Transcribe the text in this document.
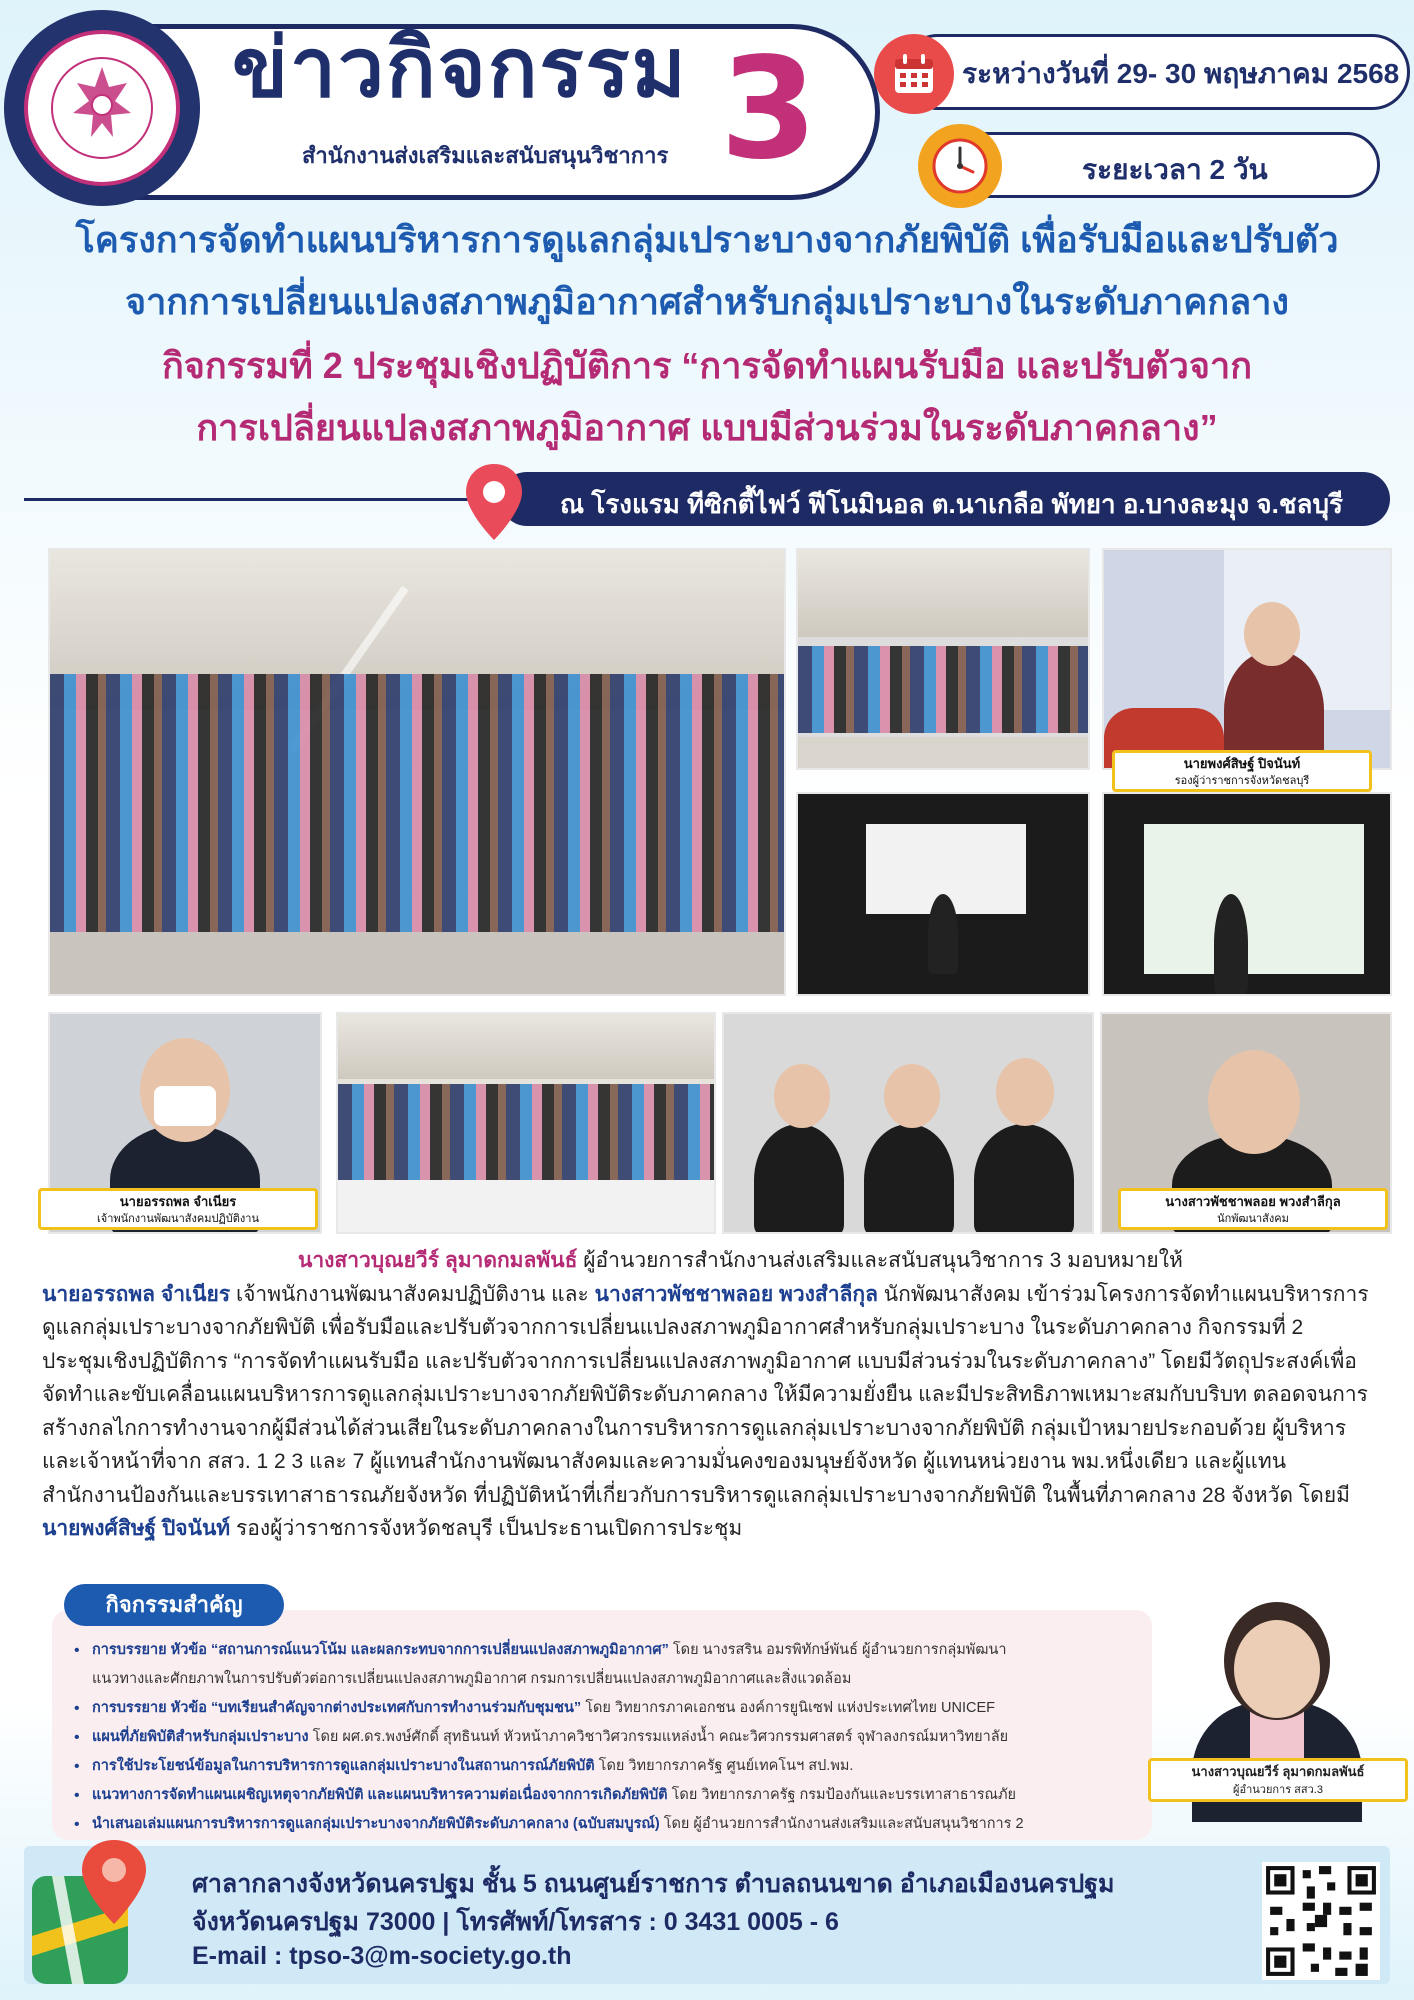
ข่าวกิจกรรม 3
สำนักงานส่งเสริมและสนับสนุนวิชาการ
ระหว่างวันที่ 29- 30 พฤษภาคม 2568
ระยะเวลา 2 วัน
โครงการจัดทำแผนบริหารการดูแลกลุ่มเปราะบางจากภัยพิบัติ เพื่อรับมือและปรับตัว
จากการเปลี่ยนแปลงสภาพภูมิอากาศสำหรับกลุ่มเปราะบางในระดับภาคกลาง
กิจกรรมที่ 2 ประชุมเชิงปฏิบัติการ “การจัดทำแผนรับมือ และปรับตัวจาก
การเปลี่ยนแปลงสภาพภูมิอากาศ แบบมีส่วนร่วมในระดับภาคกลาง”
ณ โรงแรม ทีซิกตี้ไฟว์ ฟีโนมินอล ต.นาเกลือ พัทยา อ.บางละมุง จ.ชลบุรี
นายพงศ์สิษฐ์ ปิจนันท์
รองผู้ว่าราชการจังหวัดชลบุรี
นายอรรถพล จำเนียร
เจ้าพนักงานพัฒนาสังคมปฏิบัติงาน
นางสาวพัชชาพลอย พวงสำลีกุล
นักพัฒนาสังคม
นางสาวบุณยวีร์ ลุมาดกมลพันธ์ ผู้อำนวยการสำนักงานส่งเสริมและสนับสนุนวิชาการ 3 มอบหมายให้
นายอรรถพล จำเนียร เจ้าพนักงานพัฒนาสังคมปฏิบัติงาน และ นางสาวพัชชาพลอย พวงสำลีกุล นักพัฒนาสังคม เข้าร่วมโครงการจัดทำแผนบริหารการดูแลกลุ่มเปราะบางจากภัยพิบัติ เพื่อรับมือและปรับตัวจากการเปลี่ยนแปลงสภาพภูมิอากาศสำหรับกลุ่มเปราะบาง ในระดับภาคกลาง กิจกรรมที่ 2 ประชุมเชิงปฏิบัติการ “การจัดทำแผนรับมือ และปรับตัวจากการเปลี่ยนแปลงสภาพภูมิอากาศ แบบมีส่วนร่วมในระดับภาคกลาง” โดยมีวัตถุประสงค์เพื่อจัดทำและขับเคลื่อนแผนบริหารการดูแลกลุ่มเปราะบางจากภัยพิบัติระดับภาคกลาง ให้มีความยั่งยืน และมีประสิทธิภาพเหมาะสมกับบริบท ตลอดจนการสร้างกลไกการทำงานจากผู้มีส่วนได้ส่วนเสียในระดับภาคกลางในการบริหารการดูแลกลุ่มเปราะบางจากภัยพิบัติ กลุ่มเป้าหมายประกอบด้วย ผู้บริหารและเจ้าหน้าที่จาก สสว. 1 2 3 และ 7 ผู้แทนสำนักงานพัฒนาสังคมและความมั่นคงของมนุษย์จังหวัด ผู้แทนหน่วยงาน พม.หนึ่งเดียว และผู้แทนสำนักงานป้องกันและบรรเทาสาธารณภัยจังหวัด ที่ปฏิบัติหน้าที่เกี่ยวกับการบริหารดูแลกลุ่มเปราะบางจากภัยพิบัติ ในพื้นที่ภาคกลาง 28 จังหวัด โดยมี นายพงศ์สิษฐ์ ปิจนันท์ รองผู้ว่าราชการจังหวัดชลบุรี เป็นประธานเปิดการประชุม
กิจกรรมสำคัญ
• การบรรยาย หัวข้อ “สถานการณ์แนวโน้ม และผลกระทบจากการเปลี่ยนแปลงสภาพภูมิอากาศ” โดย นางรสริน อมรพิทักษ์พันธ์ ผู้อำนวยการกลุ่มพัฒนา
แนวทางและศักยภาพในการปรับตัวต่อการเปลี่ยนแปลงสภาพภูมิอากาศ กรมการเปลี่ยนแปลงสภาพภูมิอากาศและสิ่งแวดล้อม
• การบรรยาย หัวข้อ “บทเรียนสำคัญจากต่างประเทศกับการทำงานร่วมกับชุมชน” โดย วิทยากรภาคเอกชน องค์การยูนิเซฟ แห่งประเทศไทย UNICEF
• แผนที่ภัยพิบัติสำหรับกลุ่มเปราะบาง โดย ผศ.ดร.พงษ์ศักดิ์ สุทธินนท์ หัวหน้าภาควิชาวิศวกรรมแหล่งน้ำ คณะวิศวกรรมศาสตร์ จุฬาลงกรณ์มหาวิทยาลัย
• การใช้ประโยชน์ข้อมูลในการบริหารการดูแลกลุ่มเปราะบางในสถานการณ์ภัยพิบัติ โดย วิทยากรภาครัฐ ศูนย์เทคโนฯ สป.พม.
• แนวทางการจัดทำแผนเผชิญเหตุจากภัยพิบัติ และแผนบริหารความต่อเนื่องจากการเกิดภัยพิบัติ โดย วิทยากรภาครัฐ กรมป้องกันและบรรเทาสาธารณภัย
• นำเสนอเล่มแผนการบริหารการดูแลกลุ่มเปราะบางจากภัยพิบัติระดับภาคกลาง (ฉบับสมบูรณ์) โดย ผู้อำนวยการสำนักงานส่งเสริมและสนับสนุนวิชาการ 2
นางสาวบุณยวีร์ ลุมาดกมลพันธ์
ผู้อำนวยการ สสว.3
ศาลากลางจังหวัดนครปฐม ชั้น 5 ถนนศูนย์ราชการ ตำบลถนนขาด อำเภอเมืองนครปฐม
จังหวัดนครปฐม 73000 | โทรศัพท์/โทรสาร : 0 3431 0005 - 6
E-mail : tpso-3@m-society.go.th
